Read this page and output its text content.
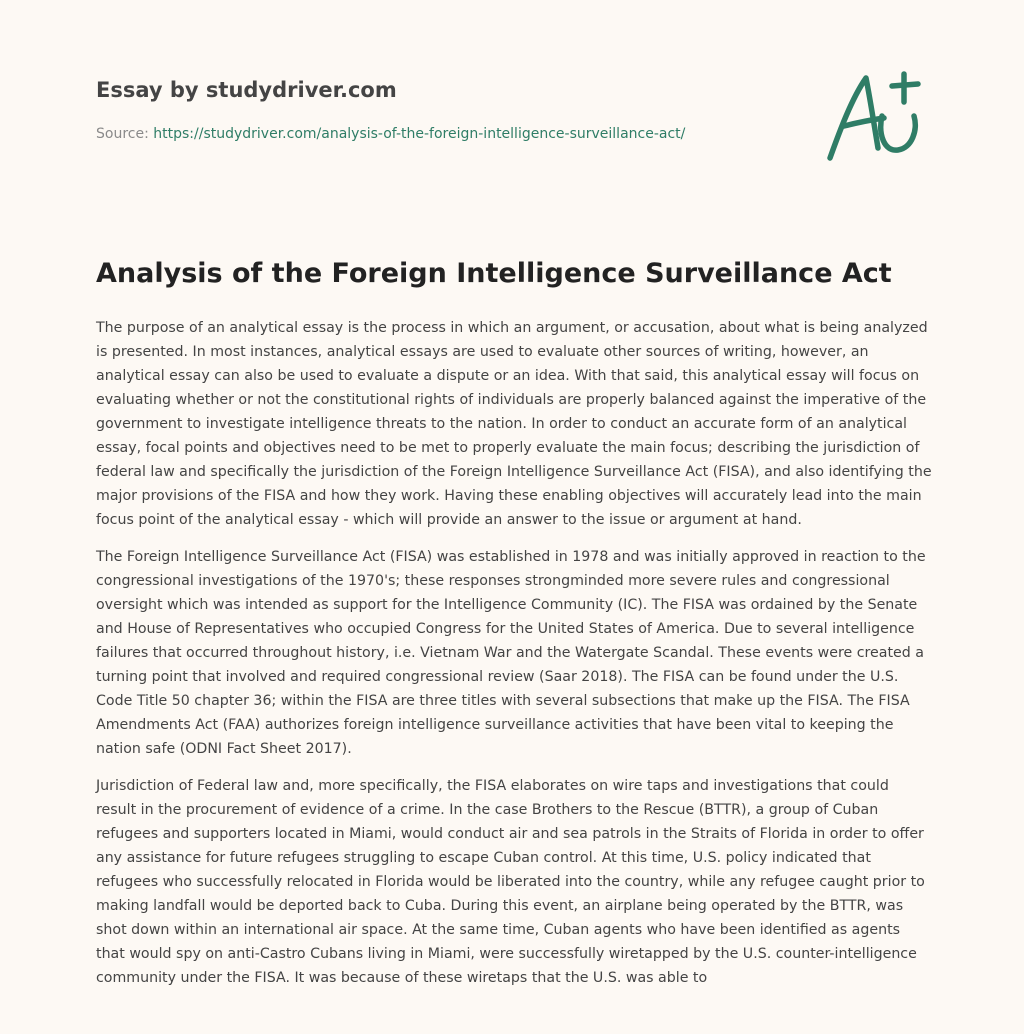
Essay by studydriver.com
Source: https://studydriver.com/analysis-of-the-foreign-intelligence-surveillance-act/
Analysis of the Foreign Intelligence Surveillance Act

The purpose of an analytical essay is the process in which an argument, or accusation, about what is being analyzed is presented. In most instances, analytical essays are used to evaluate other sources of writing, however, an analytical essay can also be used to evaluate a dispute or an idea. With that said, this analytical essay will focus on evaluating whether or not the constitutional rights of individuals are properly balanced against the imperative of the government to investigate intelligence threats to the nation. In order to conduct an accurate form of an analytical essay, focal points and objectives need to be met to properly evaluate the main focus; describing the jurisdiction of federal law and specifically the jurisdiction of the Foreign Intelligence Surveillance Act (FISA), and also identifying the major provisions of the FISA and how they work. Having these enabling objectives will accurately lead into the main focus point of the analytical essay - which will provide an answer to the issue or argument at hand.

The Foreign Intelligence Surveillance Act (FISA) was established in 1978 and was initially approved in reaction to the congressional investigations of the 1970's; these responses strongminded more severe rules and congressional oversight which was intended as support for the Intelligence Community (IC). The FISA was ordained by the Senate and House of Representatives who occupied Congress for the United States of America. Due to several intelligence failures that occurred throughout history, i.e. Vietnam War and the Watergate Scandal. These events were created a turning point that involved and required congressional review (Saar 2018). The FISA can be found under the U.S. Code Title 50 chapter 36; within the FISA are three titles with several subsections that make up the FISA. The FISA Amendments Act (FAA) authorizes foreign intelligence surveillance activities that have been vital to keeping the nation safe (ODNI Fact Sheet 2017).

Jurisdiction of Federal law and, more specifically, the FISA elaborates on wire taps and investigations that could result in the procurement of evidence of a crime. In the case Brothers to the Rescue (BTTR), a group of Cuban refugees and supporters located in Miami, would conduct air and sea patrols in the Straits of Florida in order to offer any assistance for future refugees struggling to escape Cuban control. At this time, U.S. policy indicated that refugees who successfully relocated in Florida would be liberated into the country, while any refugee caught prior to making landfall would be deported back to Cuba. During this event, an airplane being operated by the BTTR, was shot down within an international air space. At the same time, Cuban agents who have been identified as agents that would spy on anti-Castro Cubans living in Miami, were successfully wiretapped by the U.S. counter-intelligence community under the FISA. It was because of these wiretaps that the U.S. was able to
